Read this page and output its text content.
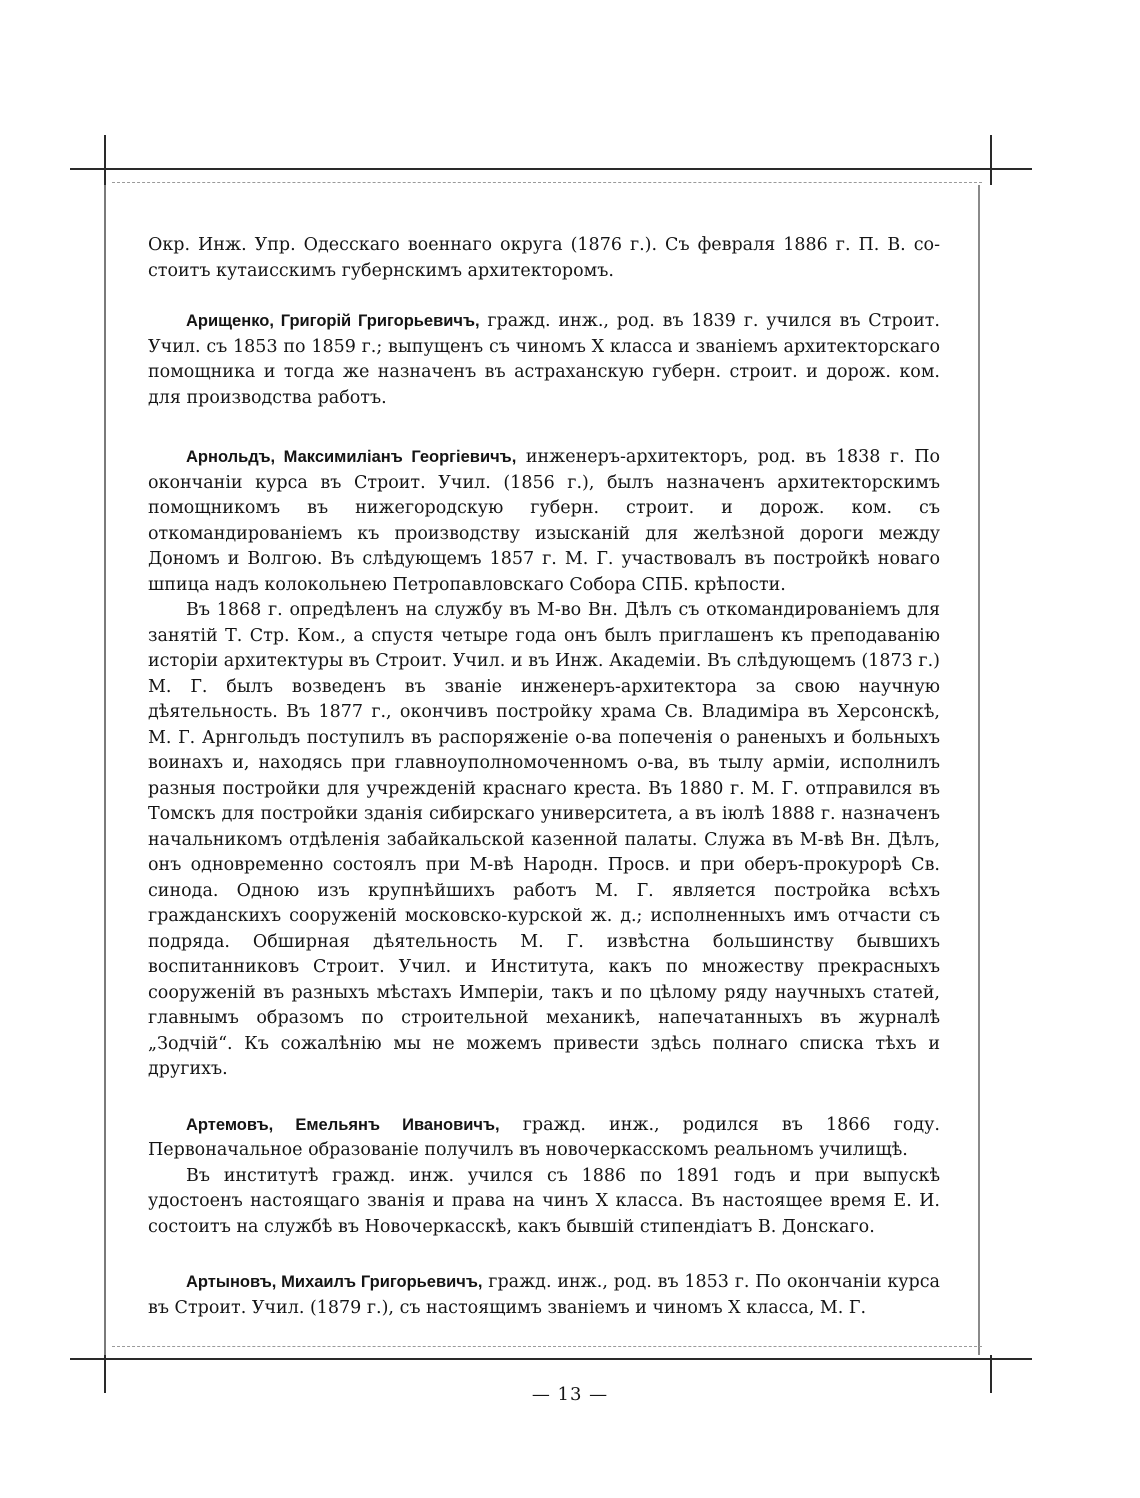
Окр. Инж. Упр. Одесскаго военнаго округа (1876 г.). Съ февраля 1886 г. П. В. со-стоитъ кутаисскимъ губернскимъ архитекторомъ.

Арищенко, Григорій Григорьевичъ, гражд. инж., род. въ 1839 г. учился въ Строит. Учил. съ 1853 по 1859 г.; выпущенъ съ чиномъ X класса и званіемъ архитекторскаго помощника и тогда же назначенъ въ астраханскую губерн. строит. и дорож. ком. для производства работъ.

Арнольдъ, Максимиліанъ Георгіевичъ, инженеръ-архитекторъ, род. въ 1838 г. По окончаніи курса въ Строит. Учил. (1856 г.), былъ назначенъ архитекторскимъ помощникомъ въ нижегородскую губерн. строит. и дорож. ком. съ откомандированіемъ къ производству изысканій для желѣзной дороги между Дономъ и Волгою. Въ слѣдующемъ 1857 г. М. Г. участвовалъ въ постройкѣ новаго шпица надъ колокольнею Петропавловскаго Собора СПБ. крѣпости.

Въ 1868 г. опредѣленъ на службу въ М-во Вн. Дѣлъ съ откомандированіемъ для занятій Т. Стр. Ком., а спустя четыре года онъ былъ приглашенъ къ преподаванію исторіи архитектуры въ Строит. Учил. и въ Инж. Академіи. Въ слѣдующемъ (1873 г.) М. Г. былъ возведенъ въ званіе инженеръ-архитектора за свою научную дѣятельность. Въ 1877 г., окончивъ постройку храма Св. Владиміра въ Херсонскѣ, М. Г. Арнгольдъ поступилъ въ распоряженіе о-ва попеченія о раненыхъ и больныхъ воинахъ и, находясь при главноуполномоченномъ о-ва, въ тылу арміи, исполнилъ разныя постройки для учрежденій краснаго креста. Въ 1880 г. М. Г. отправился въ Томскъ для постройки зданія сибирскаго университета, а въ іюлѣ 1888 г. назначенъ начальникомъ отдѣленія забайкальской казенной палаты. Служа въ М-вѣ Вн. Дѣлъ, онъ одновременно состоялъ при М-вѣ Народн. Просв. и при оберъ-прокурорѣ Св. синода. Одною изъ крупнѣйшихъ работъ М. Г. является постройка всѣхъ гражданскихъ сооруженій московско-курской ж. д.; исполненныхъ имъ отчасти съ подряда. Обширная дѣятельность М. Г. извѣстна большинству бывшихъ воспитанниковъ Строит. Учил. и Института, какъ по множеству прекрасныхъ сооруженій въ разныхъ мѣстахъ Имперіи, такъ и по цѣлому ряду научныхъ статей, главнымъ образомъ по строительной механикѣ, напечатанныхъ въ журналѣ „Зодчій“. Къ сожалѣнію мы не можемъ привести здѣсь полнаго списка тѣхъ и другихъ.

Артемовъ, Емельянъ Ивановичъ, гражд. инж., родился въ 1866 году. Первоначальное образованіе получилъ въ новочеркасскомъ реальномъ училищѣ.

Въ институтѣ гражд. инж. учился съ 1886 по 1891 годъ и при выпускѣ удостоенъ настоящаго званія и права на чинъ X класса. Въ настоящее время Е. И. состоитъ на службѣ въ Новочеркасскѣ, какъ бывшій стипендіатъ В. Донскаго.

Артыновъ, Михаилъ Григорьевичъ, гражд. инж., род. въ 1853 г. По окончаніи курса въ Строит. Учил. (1879 г.), съ настоящимъ званіемъ и чиномъ X класса, М. Г.

— 13 —
